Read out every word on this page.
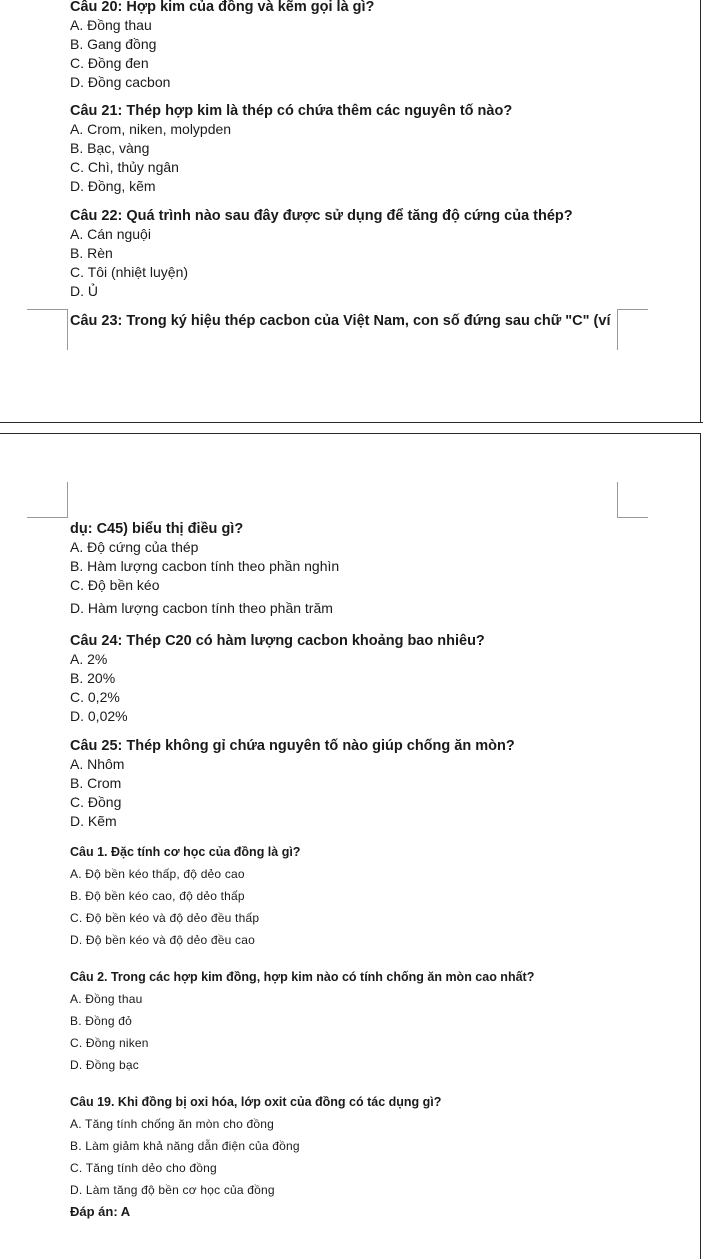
Câu 20: Hợp kim của đồng và kẽm gọi là gì?

A. Đồng thau

B. Gang đồng

C. Đồng đen

D. Đồng cacbon

Câu 21: Thép hợp kim là thép có chứa thêm các nguyên tố nào?

A. Crom, niken, molypden

B. Bạc, vàng

C. Chì, thủy ngân

D. Đồng, kẽm

Câu 22: Quá trình nào sau đây được sử dụng để tăng độ cứng của thép?

A. Cán nguội

B. Rèn

C. Tôi (nhiệt luyện)

D. Ủ

Câu 23: Trong ký hiệu thép cacbon của Việt Nam, con số đứng sau chữ "C" (ví

dụ: C45) biểu thị điều gì?

A. Độ cứng của thép

B. Hàm lượng cacbon tính theo phần nghìn

C. Độ bền kéo

D. Hàm lượng cacbon tính theo phần trăm

Câu 24: Thép C20 có hàm lượng cacbon khoảng bao nhiêu?

A. 2%

B. 20%

C. 0,2%

D. 0,02%

Câu 25: Thép không gỉ chứa nguyên tố nào giúp chống ăn mòn?

A. Nhôm

B. Crom

C. Đồng

D. Kẽm

Câu 1. Đặc tính cơ học của đồng là gì?

A. Độ bền kéo thấp, độ dẻo cao

B. Độ bền kéo cao, độ dẻo thấp

C. Độ bền kéo và độ dẻo đều thấp

D. Độ bền kéo và độ dẻo đều cao

Câu 2. Trong các hợp kim đồng, hợp kim nào có tính chống ăn mòn cao nhất?

A. Đồng thau

B. Đồng đỏ

C. Đồng niken

D. Đồng bạc

Câu 19. Khi đồng bị oxi hóa, lớp oxit của đồng có tác dụng gì?

A. Tăng tính chống ăn mòn cho đồng

B. Làm giảm khả năng dẫn điện của đồng

C. Tăng tính dẻo cho đồng

D. Làm tăng độ bền cơ học của đồng

Đáp án: A
